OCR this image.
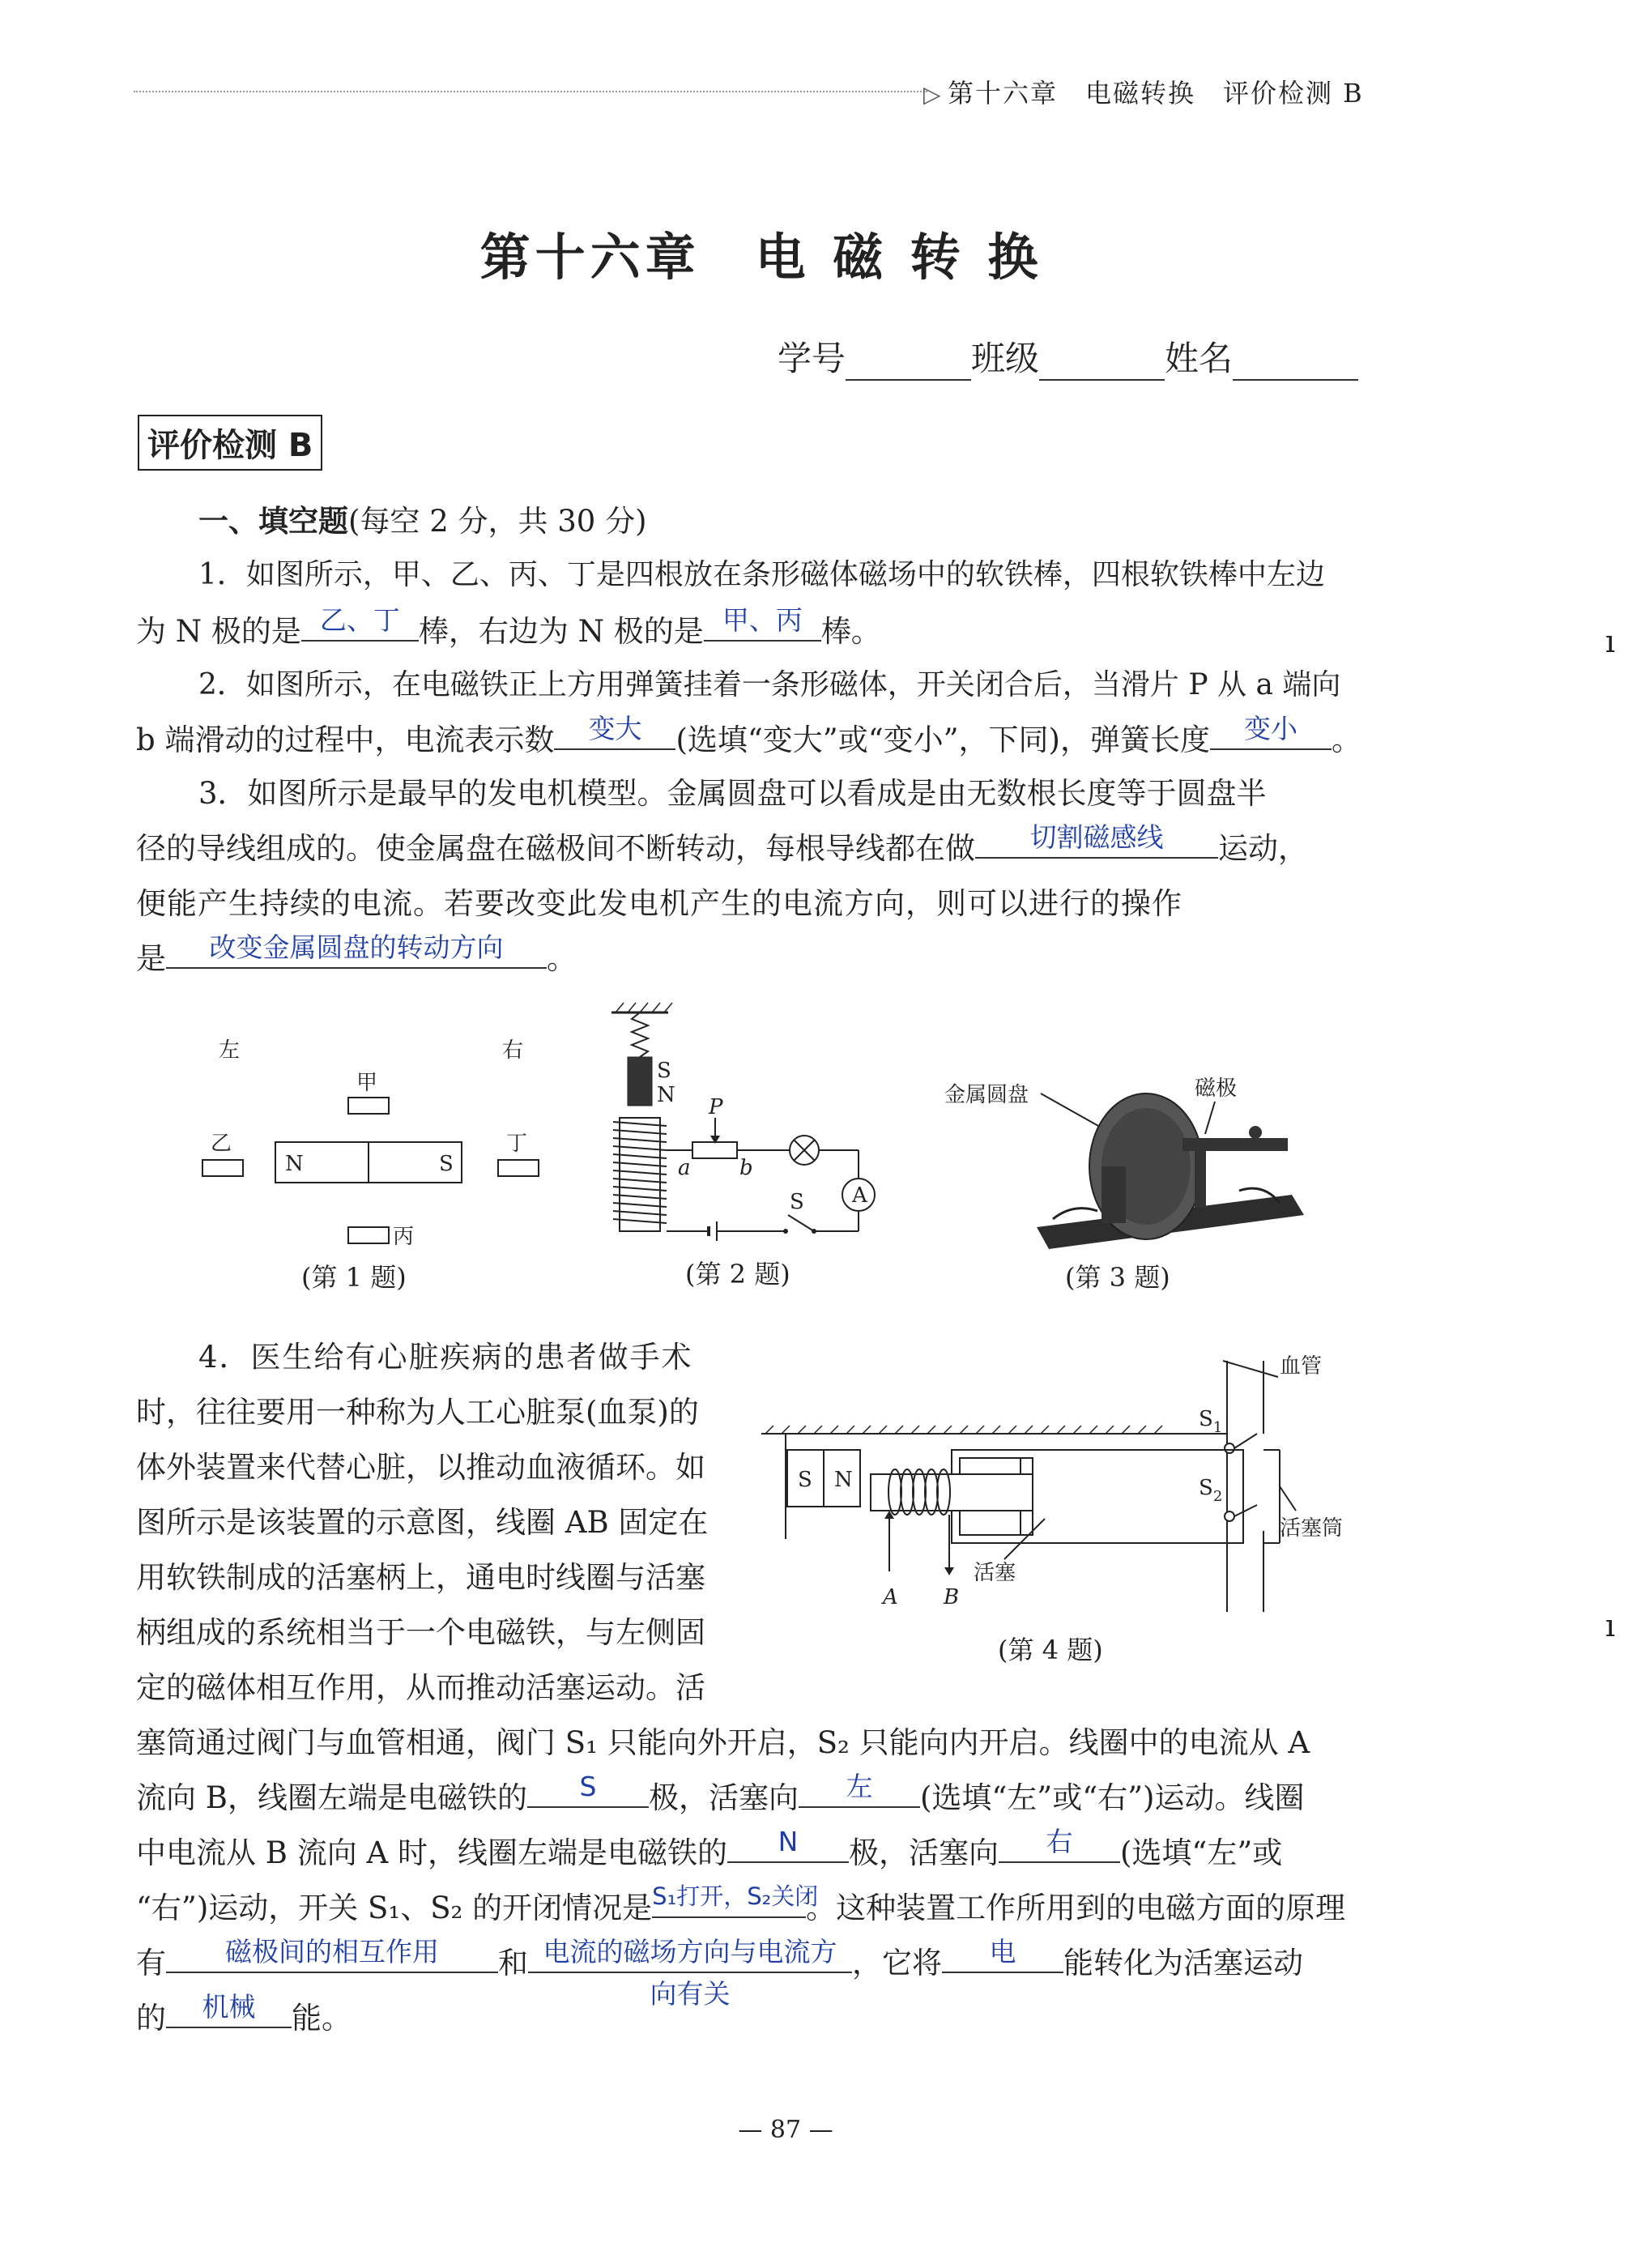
▷ 第十六章　电磁转换　评价检测 B
第十六章　电 磁 转 换
学号	班级	姓名
评价检测 B
一、填空题(每空 2 分，共 30 分)
1．如图所示，甲、乙、丙、丁是四根放在条形磁体磁场中的软铁棒，四根软铁棒中左边
为 N 极的是 乙、丁 棒，右边为 N 极的是 甲、丙 棒。
2．如图所示，在电磁铁正上方用弹簧挂着一条形磁体，开关闭合后，当滑片 P 从 a 端向
b 端滑动的过程中，电流表示数	变大	(选填“变大”或“变小”，下同)，弹簧长度	变小	。
3．如图所示是最早的发电机模型。金属圆盘可以看成是由无数根长度等于圆盘半
径的导线组成的。使金属盘在磁极间不断转动，每根导线都在做	切割磁感线	运动，
便能产生持续的电流。若要改变此发电机产生的电流方向，则可以进行的操作
是	改变金属圆盘的转动方向	。
左	右
甲
乙
N	S
丁
丙
(第 1 题)
S
N P
a b
A
S
(第 2 题)
金属圆盘	磁极
(第 3 题)
4．医生给有心脏疾病的患者做手术
时，往往要用一种称为人工心脏泵(血泵)的
体外装置来代替心脏，以推动血液循环。如
图所示是该装置的示意图，线圈 AB 固定在
用软铁制成的活塞柄上，通电时线圈与活塞
柄组成的系统相当于一个电磁铁，与左侧固
定的磁体相互作用，从而推动活塞运动。活
血管
$S_1$
$S_2$
S N
A B
活塞
活塞筒
(第 4 题)
塞筒通过阀门与血管相通，阀门 S₁ 只能向外开启，S₂ 只能向内开启。线圈中的电流从 A
流向 B，线圈左端是电磁铁的	S	极，活塞向	左	(选填“左”或“右”)运动。线圈
中电流从 B 流向 A 时，线圈左端是电磁铁的	N	极，活塞向	右	(选填“左”或
“右”)运动，开关 S₁、S₂ 的开闭情况是 S₁打开，S₂关闭
。这种装置工作所用到的电磁方面的原理
有	磁极间的相互作用	和 电流的磁场方向与电流方
向有关
，它将	电	能转化为活塞运动
的	机械	能。
ı
ı
— 87 —
